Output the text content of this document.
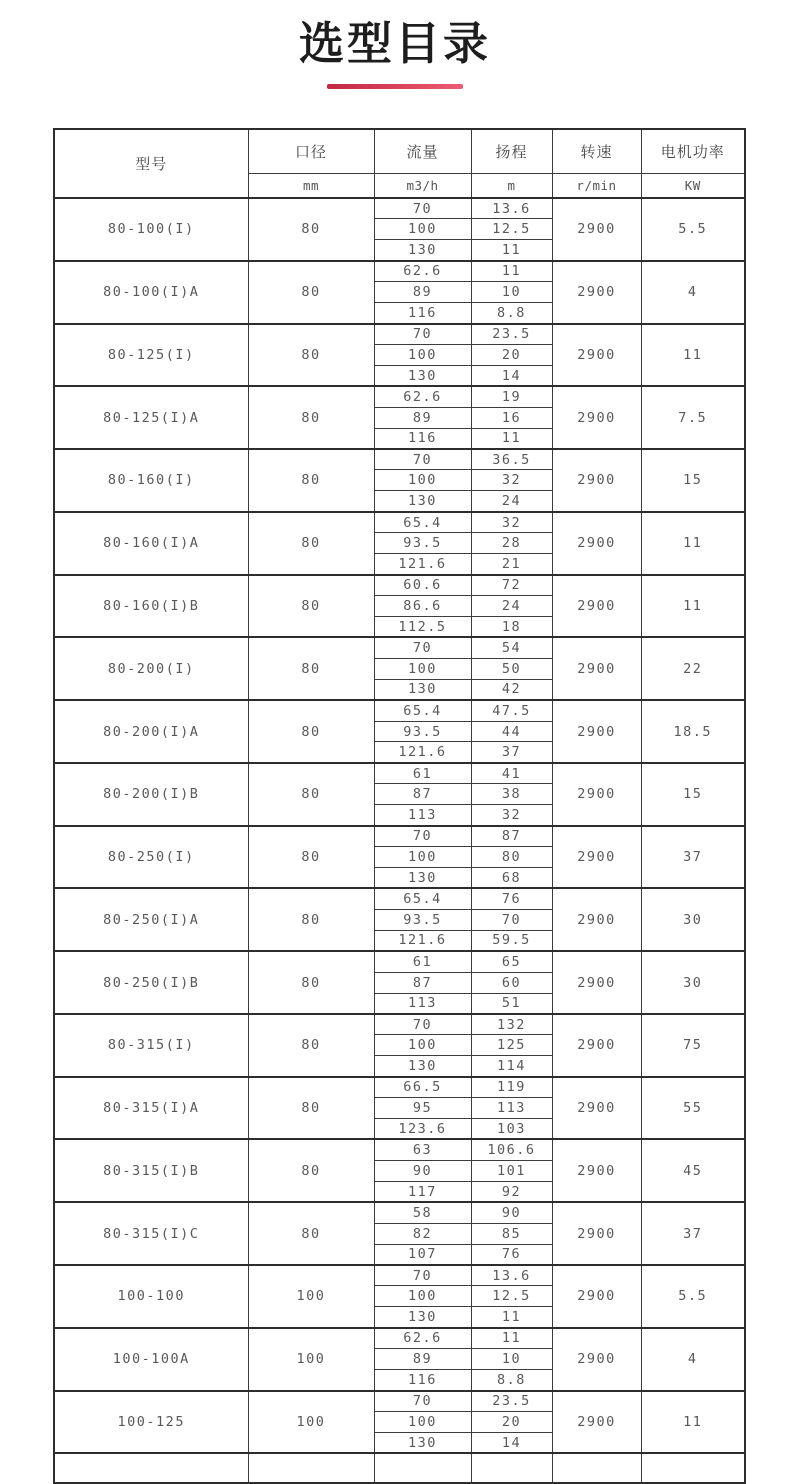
选型目录
型号	口径	流量	扬程	转速	电机功率
	mm	m3/h	m	r/min	KW
80-100(I)	80	70	13.6	2900	5.5
		100	12.5		
		130	11		
80-100(I)A	80	62.6	11	2900	4
		89	10		
		116	8.8		
80-125(I)	80	70	23.5	2900	11
		100	20		
		130	14		
80-125(I)A	80	62.6	19	2900	7.5
		89	16		
		116	11		
80-160(I)	80	70	36.5	2900	15
		100	32		
		130	24		
80-160(I)A	80	65.4	32	2900	11
		93.5	28		
		121.6	21		
80-160(I)B	80	60.6	72	2900	11
		86.6	24		
		112.5	18		
80-200(I)	80	70	54	2900	22
		100	50		
		130	42		
80-200(I)A	80	65.4	47.5	2900	18.5
		93.5	44		
		121.6	37		
80-200(I)B	80	61	41	2900	15
		87	38		
		113	32		
80-250(I)	80	70	87	2900	37
		100	80		
		130	68		
80-250(I)A	80	65.4	76	2900	30
		93.5	70		
		121.6	59.5		
80-250(I)B	80	61	65	2900	30
		87	60		
		113	51		
80-315(I)	80	70	132	2900	75
		100	125		
		130	114		
80-315(I)A	80	66.5	119	2900	55
		95	113		
		123.6	103		
80-315(I)B	80	63	106.6	2900	45
		90	101		
		117	92		
80-315(I)C	80	58	90	2900	37
		82	85		
		107	76		
100-100	100	70	13.6	2900	5.5
		100	12.5		
		130	11		
100-100A	100	62.6	11	2900	4
		89	10		
		116	8.8		
100-125	100	70	23.5	2900	11
		100	20		
		130	14		
